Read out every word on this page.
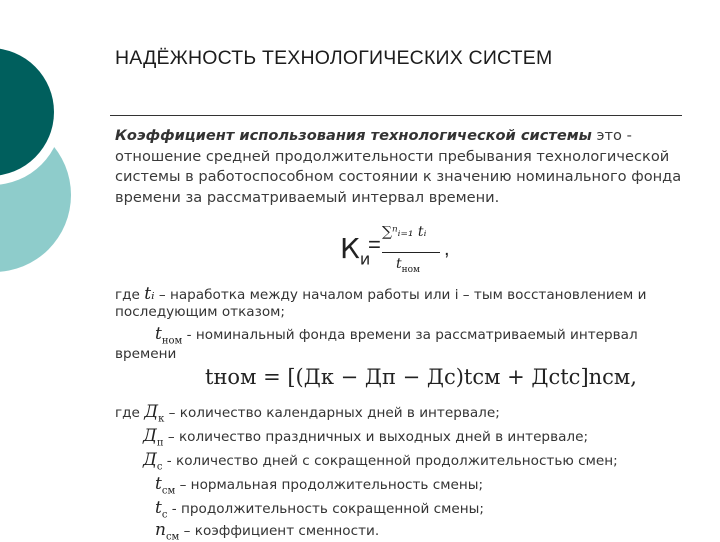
НАДЁЖНОСТЬ ТЕХНОЛОГИЧЕСКИХ СИСТЕМ
Коэффициент использования технологической системы это - отношение средней продолжительности пребывания технологической системы в работоспособном состоянии к значению номинального фонда времени за рассматриваемый интервал времени.
$К_и$
= ∑ⁿᵢ₌₁ tᵢ
$t_{ном}$
,
где tᵢ – наработка между началом работы или i – тым восстановлением и
последующим отказом;
$t_{ном}$ - номинальный фонда времени за рассматриваемый интервал
времени
tном = [(Дк − Дп − Дс)tсм + Дсtс]nсм,
где $Д_к$ – количество календарных дней в интервале;
$Д_п$ – количество праздничных и выходных дней в интервале;
$Д_c$ - количество дней с сокращенной продолжительностью смен;
$t_{см}$ – нормальная продолжительность смены;
$t_c$ - продолжительность сокращенной смены;
$n_{см}$ – коэффициент сменности.
